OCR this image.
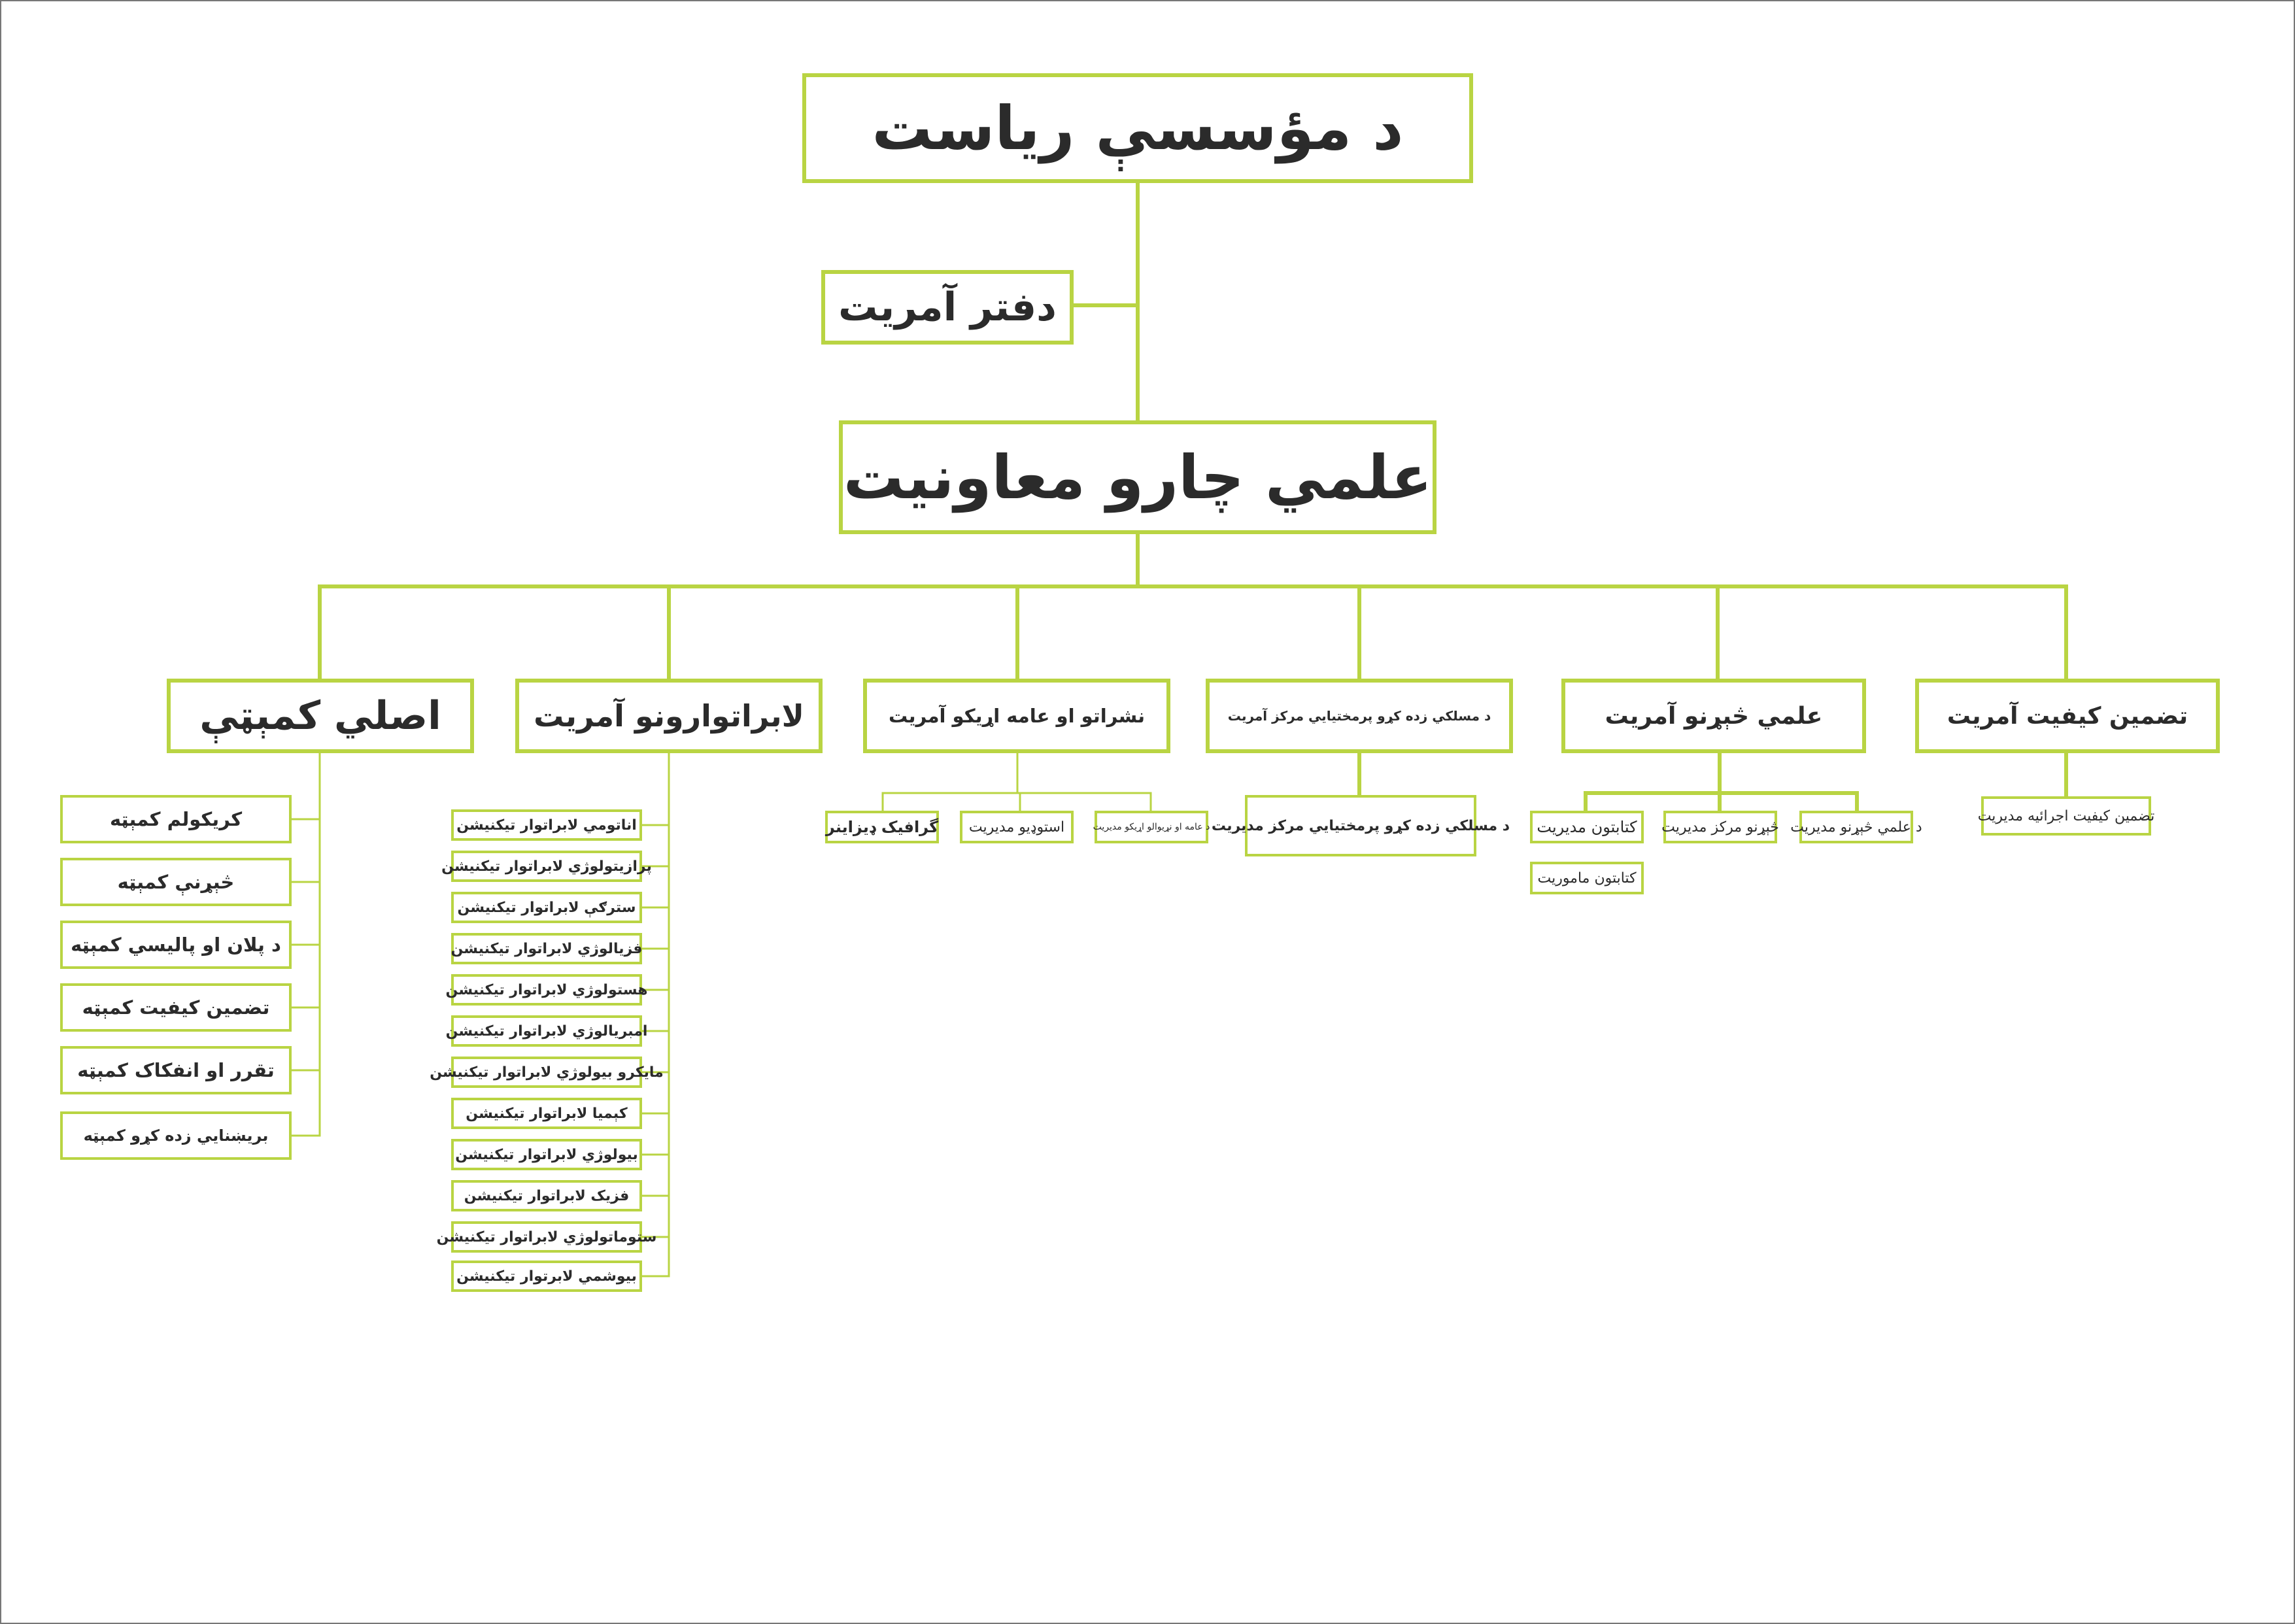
د مؤسسې رياست
دفتر آمريت
علمي چارو معاونيت
تضمين كيفيت آمريت
علمي څېړنو آمريت
د مسلکي زده کړو پرمختیایي مرکز آمریت
نشراتو او عامه اړیکو آمریت
لابراتوارونو آمريت
اصلي کمېټې
تضمین كيفيت اجرائيه مدیریت
د علمي څېړنو مديريت
څېړنو مرکز مديريت
كتابتون مديريت
كتابتون ماموريت
د مسلکي زده کړو پرمختیایي مرکز مدیریت
د عامه او نړیوالو اړیکو مدیریت
استوډیو مديريت
گرافيک ډيزاينر
اناتومي لابراتوار تيكنيشن
پرازيتولوژي لابراتوار تيكنيشن
سترګې لابراتوار تيكنيشن
فزيالوژي لابراتوار تيكنيشن
هستولوژي لابراتوار تيكنيشن
امبريالوژي لابراتوار تيكنيشن
مايكرو بيولوژي لابراتوار تيكنيشن
کېميا لابراتوار تيكنيشن
بيولوژي لابراتوار تيكنيشن
فزیک لابراتوار تيكنيشن
ستوماتولوژي لابراتوار تيكنيشن
بيوشمي لابرتوار تيكنيشن
كريكولم كمېټه
څېړنې كمېټه
د پلان او پالیسي كمېټه
تضمين كيفيت كمېټه
تقرر او انفکاک كمېټه
بریښنایي زده کړو کمېټه
